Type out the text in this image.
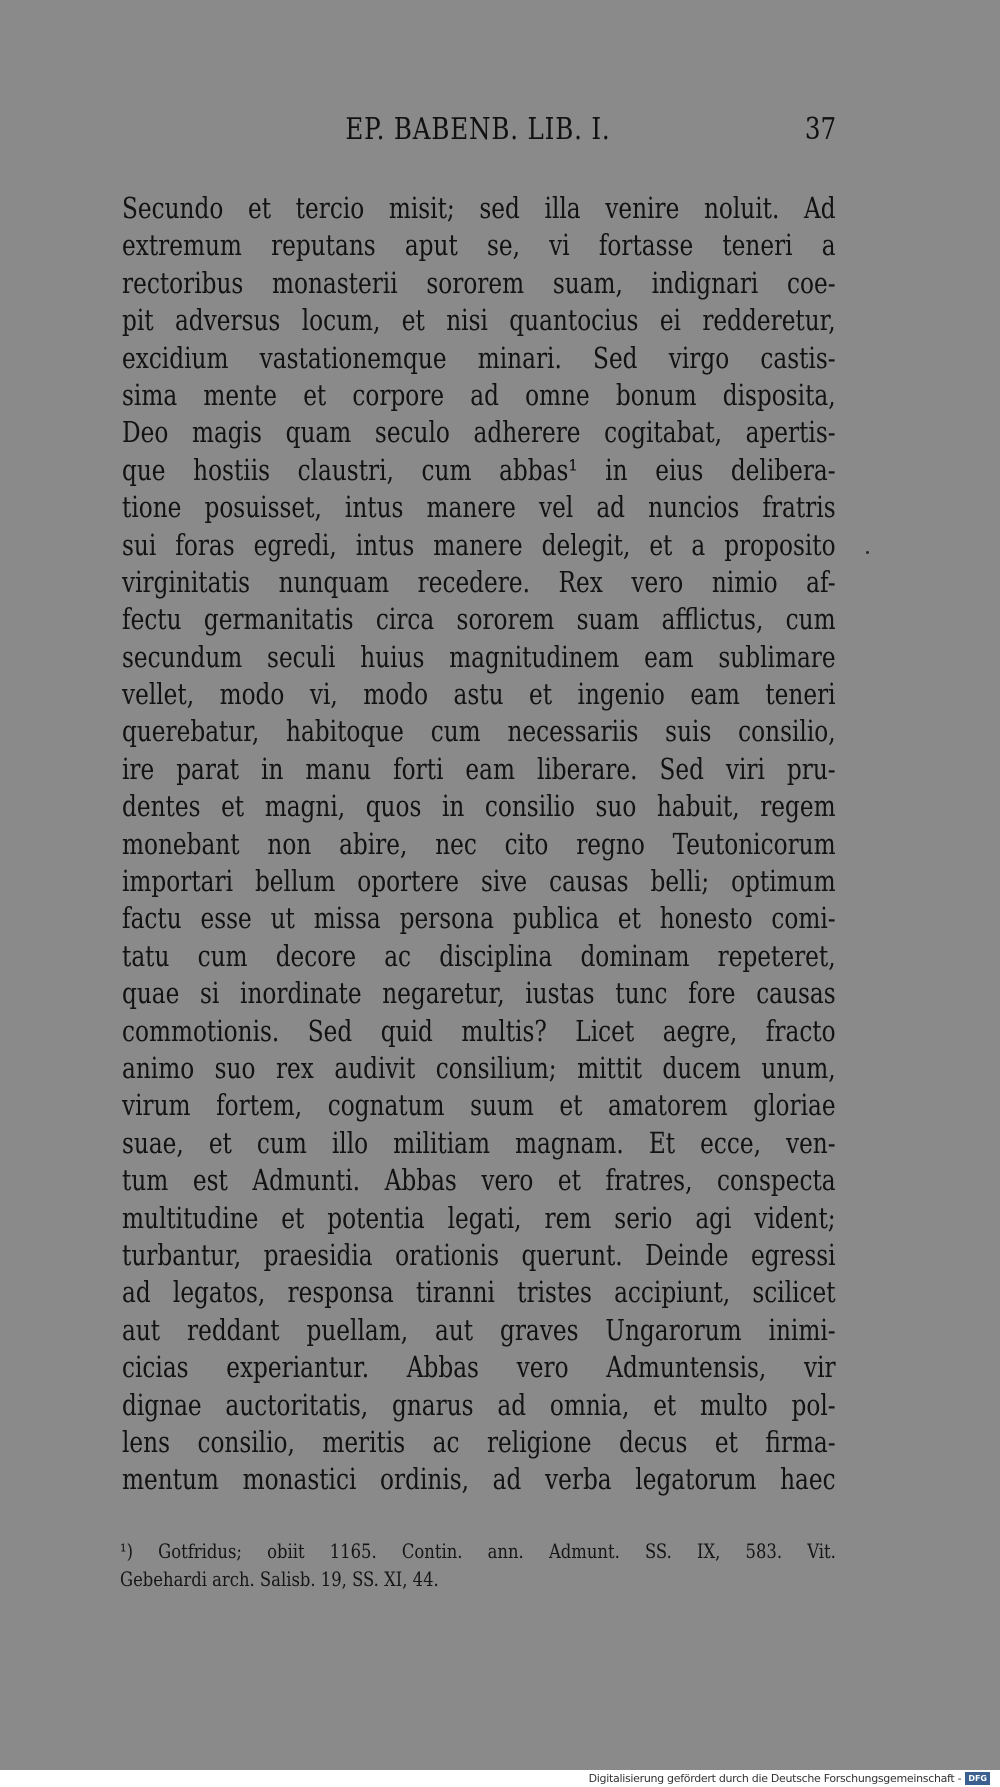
EP. BABENB. LIB. I.	37
Secundo et tercio misit; sed illa venire noluit. Ad
extremum reputans aput se, vi fortasse teneri a
rectoribus monasterii sororem suam, indignari coe-
pit adversus locum, et nisi quantocius ei redderetur,
excidium vastationemque minari. Sed virgo castis-
sima mente et corpore ad omne bonum disposita,
Deo magis quam seculo adherere cogitabat, apertis-
que hostiis claustri, cum abbas¹ in eius delibera-
tione posuisset, intus manere vel ad nuncios fratris
sui foras egredi, intus manere delegit, et a proposito
virginitatis nunquam recedere. Rex vero nimio af-
fectu germanitatis circa sororem suam afflictus, cum
secundum seculi huius magnitudinem eam sublimare
vellet, modo vi, modo astu et ingenio eam teneri
querebatur, habitoque cum necessariis suis consilio,
ire parat in manu forti eam liberare. Sed viri pru-
dentes et magni, quos in consilio suo habuit, regem
monebant non abire, nec cito regno Teutonicorum
importari bellum oportere sive causas belli; optimum
factu esse ut missa persona publica et honesto comi-
tatu cum decore ac disciplina dominam repeteret,
quae si inordinate negaretur, iustas tunc fore causas
commotionis. Sed quid multis? Licet aegre, fracto
animo suo rex audivit consilium; mittit ducem unum,
virum fortem, cognatum suum et amatorem gloriae
suae, et cum illo militiam magnam. Et ecce, ven-
tum est Admunti. Abbas vero et fratres, conspecta
multitudine et potentia legati, rem serio agi vident;
turbantur, praesidia orationis querunt. Deinde egressi
ad legatos, responsa tiranni tristes accipiunt, scilicet
aut reddant puellam, aut graves Ungarorum inimi-
cicias experiantur. Abbas vero Admuntensis, vir
dignae auctoritatis, gnarus ad omnia, et multo pol-
lens consilio, meritis ac religione decus et firma-
mentum monastici ordinis, ad verba legatorum haec
¹) Gotfridus; obiit 1165. Contin. ann. Admunt. SS. IX, 583. Vit.
Gebehardi arch. Salisb. 19, SS. XI, 44.
Digitalisierung gefördert durch die Deutsche Forschungsgemeinschaft - DFG
